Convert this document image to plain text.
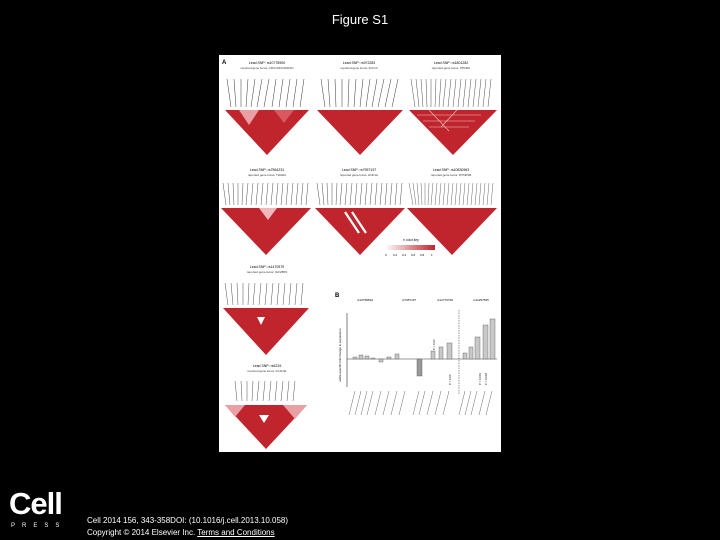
Figure S1
A	Lead SNP: rs10778900
reported gene locus: CDC123/CAMK1D
Lead SNP: rs972283
reported gene locus: KLF14
Lead SNP: rs1801282
reported gene locus: PPARG
Lead SNP: rs7564231
reported gene locus: THADA
Lead SNP: rs7957197
reported gene locus: HNF1A
Lead SNP: rs10830963
reported gene locus: MTNR1B
r² color key
0 0.2 0.4 0.6 0.8 1
Lead SNP: rs1470579
reported gene locus: IGF2BP2
Lead SNP: rs5215
reported gene locus: KCNJ11
B
rs10758593	rs7957197	rs12779790	rs11257655
allele-specific fold change in expression	P = 0.03
P = 0.04	P = 0.001 P = 0.003
Cell
PRESS
Cell 2014 156, 343-358DOI: (10.1016/j.cell.2013.10.058)
Copyright © 2014 Elsevier Inc. Terms and Conditions
